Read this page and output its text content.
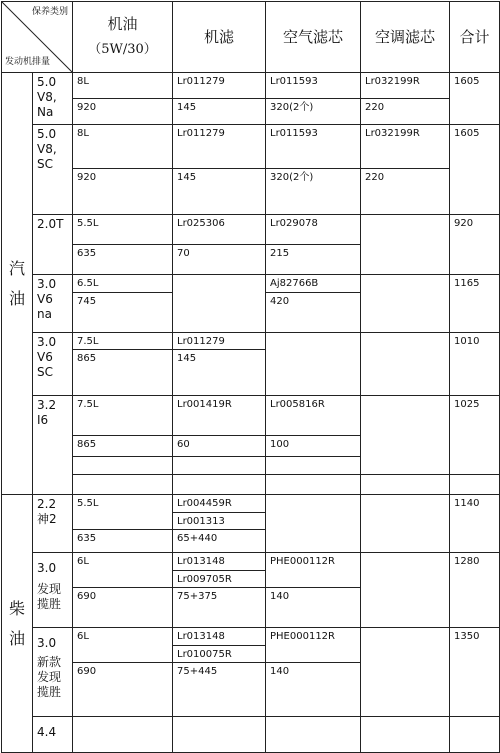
保养类别
发动机排量		机油
（5W/30）	机滤	空气滤芯	空调滤芯	合计

汽
油	5.0
V8,
Na	8L	Lr011279	Lr011593	Lr032199R	1605
		920	145	320(2个)	220	

	5.0
V8,
SC	8L	Lr011279	Lr011593	Lr032199R	1605
		920	145	320(2个)	220	

	2.0T	5.5L	Lr025306	Lr029078		920
		635	70	215		

	3.0
V6
na	6.5L		Aj82766B		1165
		745		420		

	3.0
V6
SC	7.5L	Lr011279			1010
		865	145			

	3.2
I6	7.5L	Lr001419R	Lr005816R		1025
		865	60	100		

柴
油	2.2
神2	5.5L	Lr004459R			1140
			Lr001313			
		635	65+440			

	3.0
发现
揽胜	6L	Lr013148	PHE000112R		1280
			Lr009705R			
		690	75+375	140		

	3.0
新款
发现
揽胜	6L	Lr013148	PHE000112R		1350
			Lr010075R			
		690	75+445	140		

	4.4					
